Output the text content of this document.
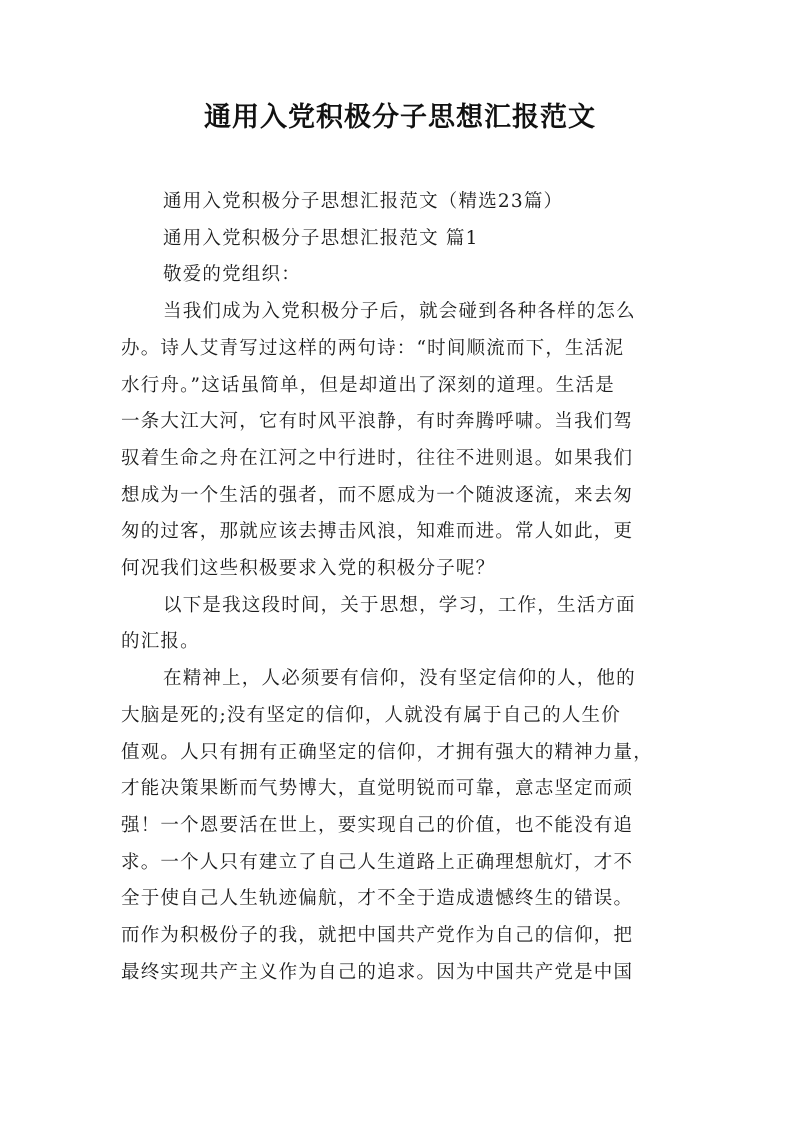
通用入党积极分子思想汇报范文

通用入党积极分子思想汇报范文（精选23篇）

通用入党积极分子思想汇报范文 篇1

敬爱的党组织：

当我们成为入党积极分子后，就会碰到各种各样的怎么
办。诗人艾青写过这样的两句诗：“时间顺流而下，生活泥
水行舟。”这话虽简单，但是却道出了深刻的道理。生活是
一条大江大河，它有时风平浪静，有时奔腾呼啸。当我们驾
驭着生命之舟在江河之中行进时，往往不进则退。如果我们
想成为一个生活的强者，而不愿成为一个随波逐流，来去匆
匆的过客，那就应该去搏击风浪，知难而进。常人如此，更
何况我们这些积极要求入党的积极分子呢？

以下是我这段时间，关于思想，学习，工作，生活方面
的汇报。

在精神上，人必须要有信仰，没有坚定信仰的人，他的
大脑是死的;没有坚定的信仰，人就没有属于自己的人生价
值观。人只有拥有正确坚定的信仰，才拥有强大的精神力量，
才能决策果断而气势博大，直觉明锐而可靠，意志坚定而顽
强！一个恩要活在世上，要实现自己的价值，也不能没有追
求。一个人只有建立了自己人生道路上正确理想航灯，才不
全于使自己人生轨迹偏航，才不全于造成遗憾终生的错误。
而作为积极份子的我，就把中国共产党作为自己的信仰，把
最终实现共产主义作为自己的追求。因为中国共产党是中国
